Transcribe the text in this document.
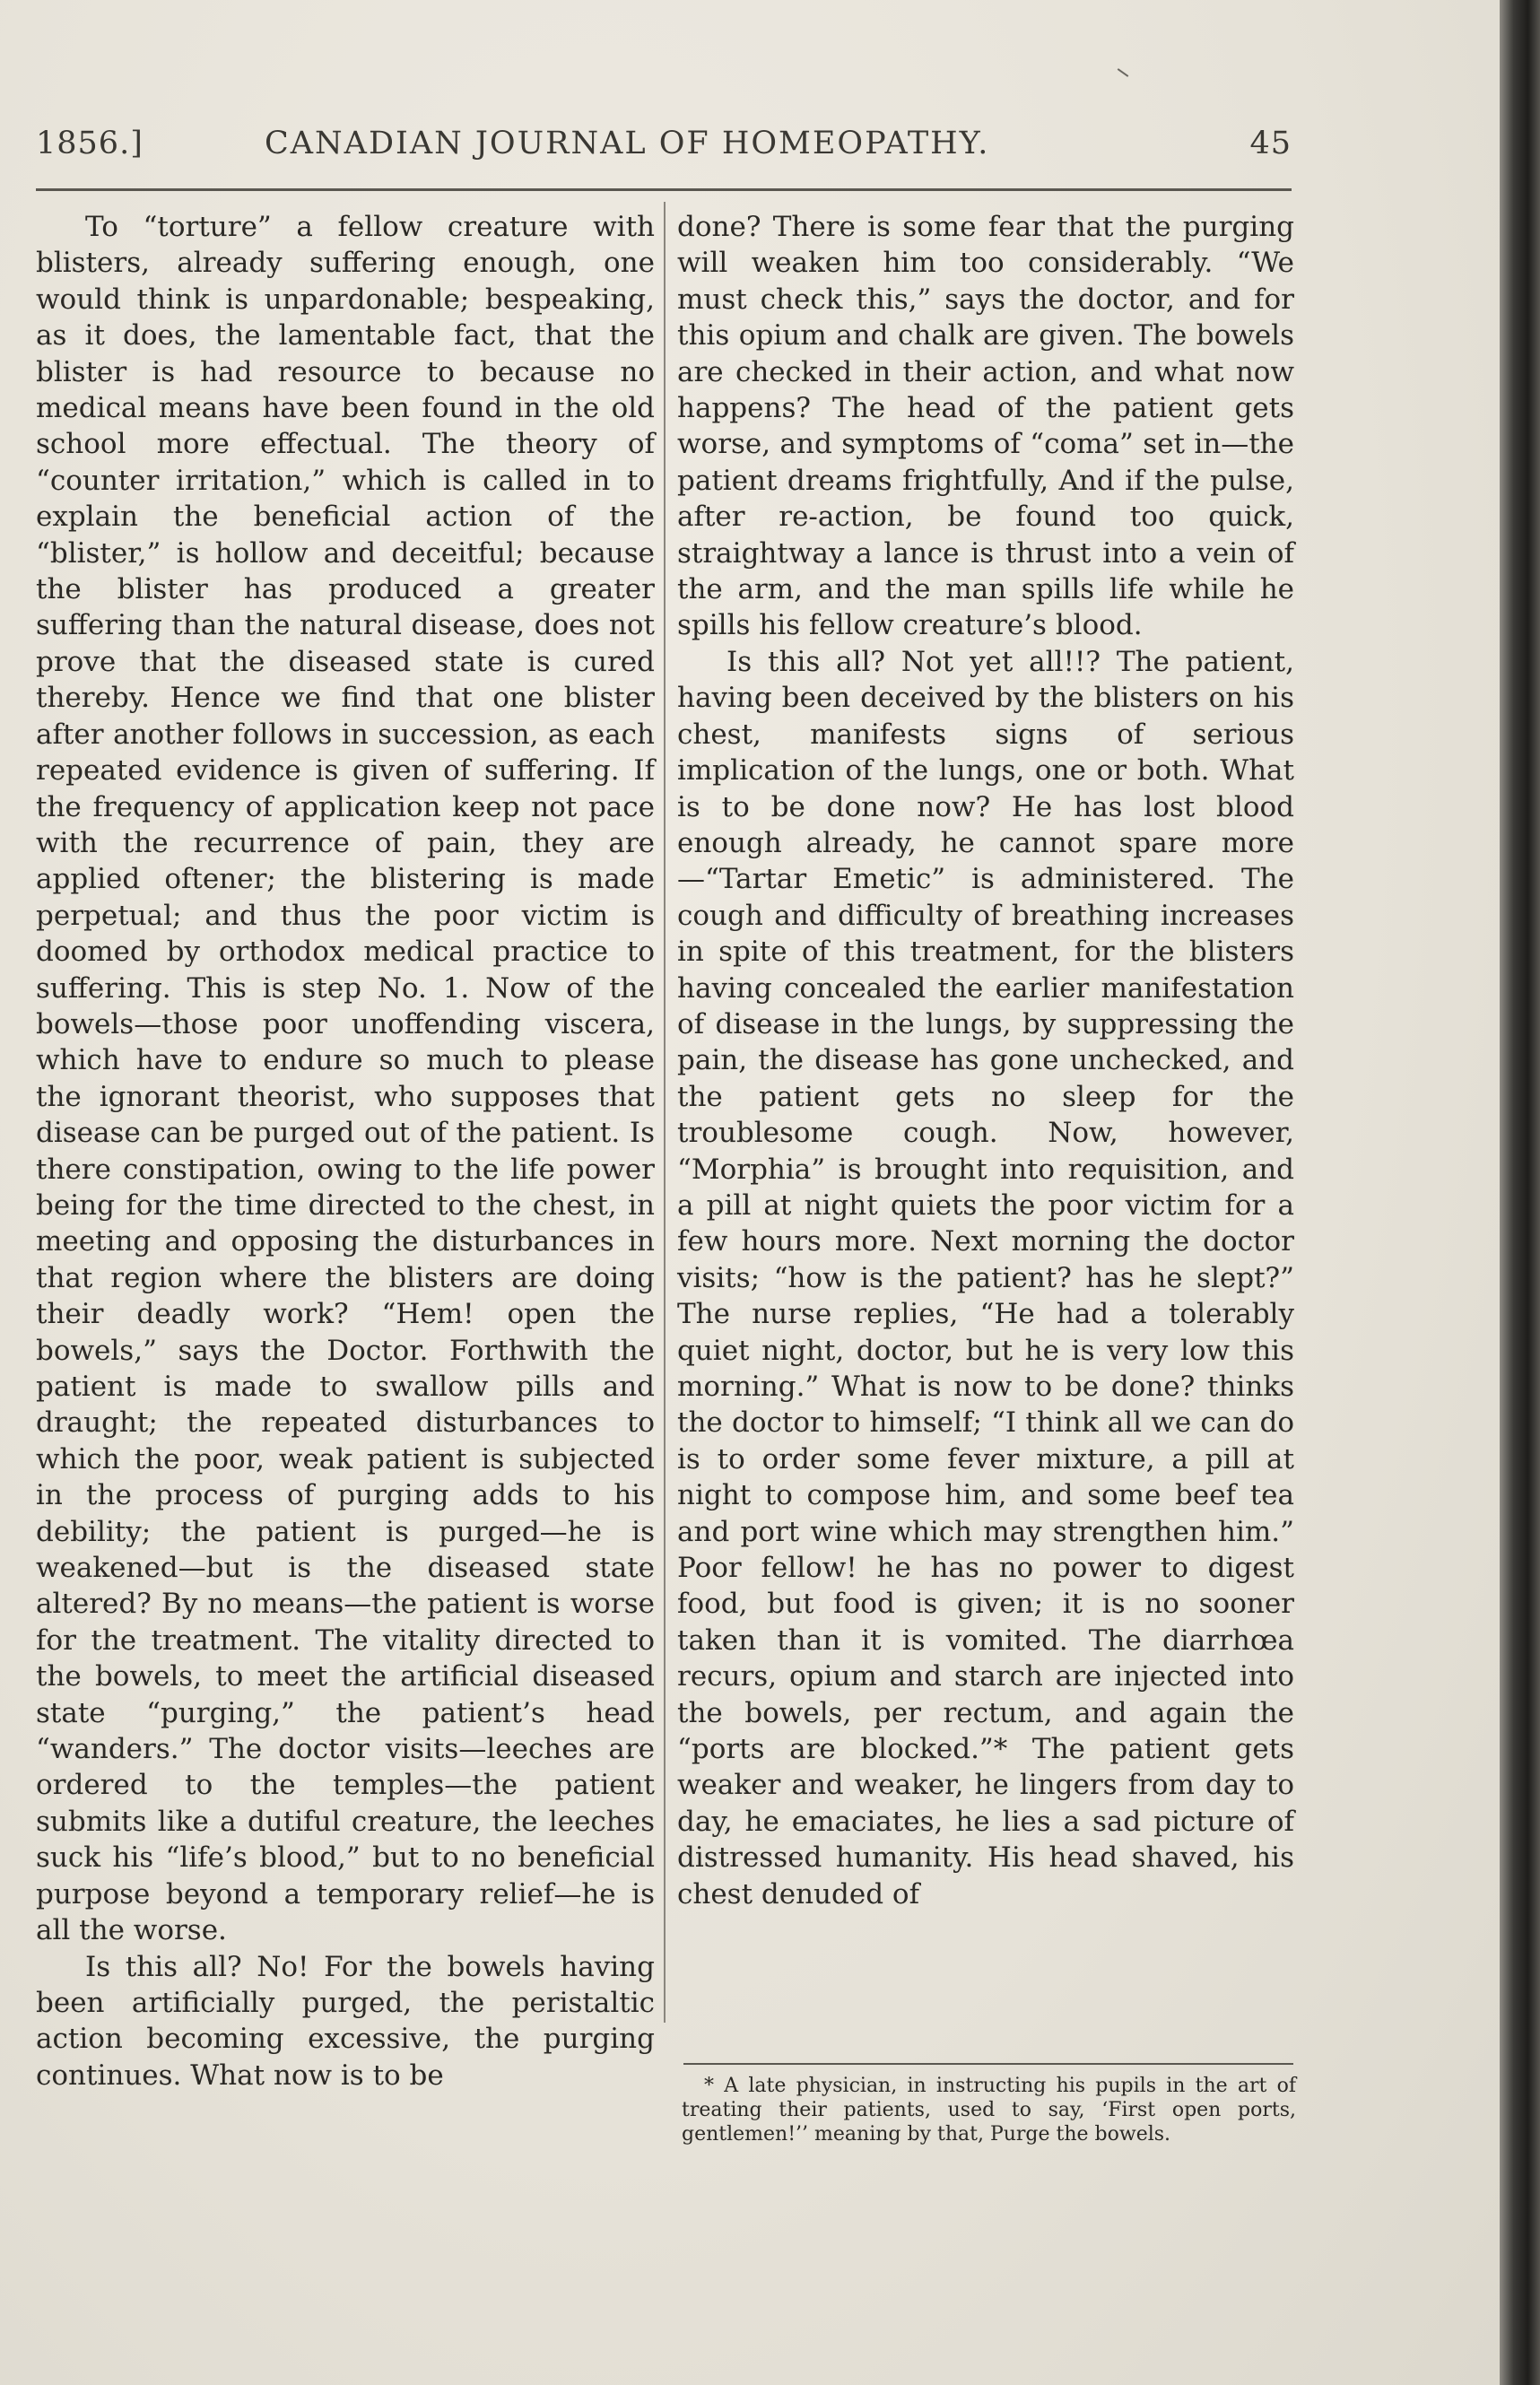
1856.]	CANADIAN JOURNAL OF HOMEOPATHY.	45

To “torture” a fellow creature with blisters, already suffering enough, one would think is unpardonable; bespeaking, as it does, the lamentable fact, that the blister is had resource to because no medical means have been found in the old school more effectual. The theory of “counter irritation,” which is called in to explain the beneficial action of the “blister,” is hollow and deceitful; because the blister has produced a greater suffering than the natural disease, does not prove that the diseased state is cured thereby. Hence we find that one blister after another follows in succession, as each repeated evidence is given of suffering. If the frequency of application keep not pace with the recurrence of pain, they are applied oftener; the blistering is made perpetual; and thus the poor victim is doomed by orthodox medical practice to suffering. This is step No. 1. Now of the bowels—those poor unoffending viscera, which have to endure so much to please the ignorant theorist, who supposes that disease can be purged out of the patient. Is there constipation, owing to the life power being for the time directed to the chest, in meeting and opposing the disturbances in that region where the blisters are doing their deadly work? “Hem! open the bowels,” says the Doctor. Forthwith the patient is made to swallow pills and draught; the repeated disturbances to which the poor, weak patient is subjected in the process of purging adds to his debility; the patient is purged—he is weakened—but is the diseased state altered? By no means—the patient is worse for the treatment. The vitality directed to the bowels, to meet the artificial diseased state “purging,” the patient’s head “wanders.” The doctor visits—leeches are ordered to the temples—the patient submits like a dutiful creature, the leeches suck his “life’s blood,” but to no beneficial purpose beyond a temporary relief—he is all the worse.

Is this all? No! For the bowels having been artificially purged, the peristaltic action becoming excessive, the purging continues. What now is to be

done? There is some fear that the purging will weaken him too considerably. “We must check this,” says the doctor, and for this opium and chalk are given. The bowels are checked in their action, and what now happens? The head of the patient gets worse, and symptoms of “coma” set in—the patient dreams frightfully, And if the pulse, after re-action, be found too quick, straightway a lance is thrust into a vein of the arm, and the man spills life while he spills his fellow creature’s blood.

Is this all? Not yet all!!? The patient, having been deceived by the blisters on his chest, manifests signs of serious implication of the lungs, one or both. What is to be done now? He has lost blood enough already, he cannot spare more—“Tartar Emetic” is administered. The cough and difficulty of breathing increases in spite of this treatment, for the blisters having concealed the earlier manifestation of disease in the lungs, by suppressing the pain, the disease has gone unchecked, and the patient gets no sleep for the troublesome cough. Now, however, “Morphia” is brought into requisition, and a pill at night quiets the poor victim for a few hours more. Next morning the doctor visits; “how is the patient? has he slept?” The nurse replies, “He had a tolerably quiet night, doctor, but he is very low this morning.” What is now to be done? thinks the doctor to himself; “I think all we can do is to order some fever mixture, a pill at night to compose him, and some beef tea and port wine which may strengthen him.” Poor fellow! he has no power to digest food, but food is given; it is no sooner taken than it is vomited. The diarrhœa recurs, opium and starch are injected into the bowels, per rectum, and again the “ports are blocked.”* The patient gets weaker and weaker, he lingers from day to day, he emaciates, he lies a sad picture of distressed humanity. His head shaved, his chest denuded of

* A late physician, in instructing his pupils in the art of treating their patients, used to say, ‘First open ports, gentlemen!’’ meaning by that, Purge the bowels.
